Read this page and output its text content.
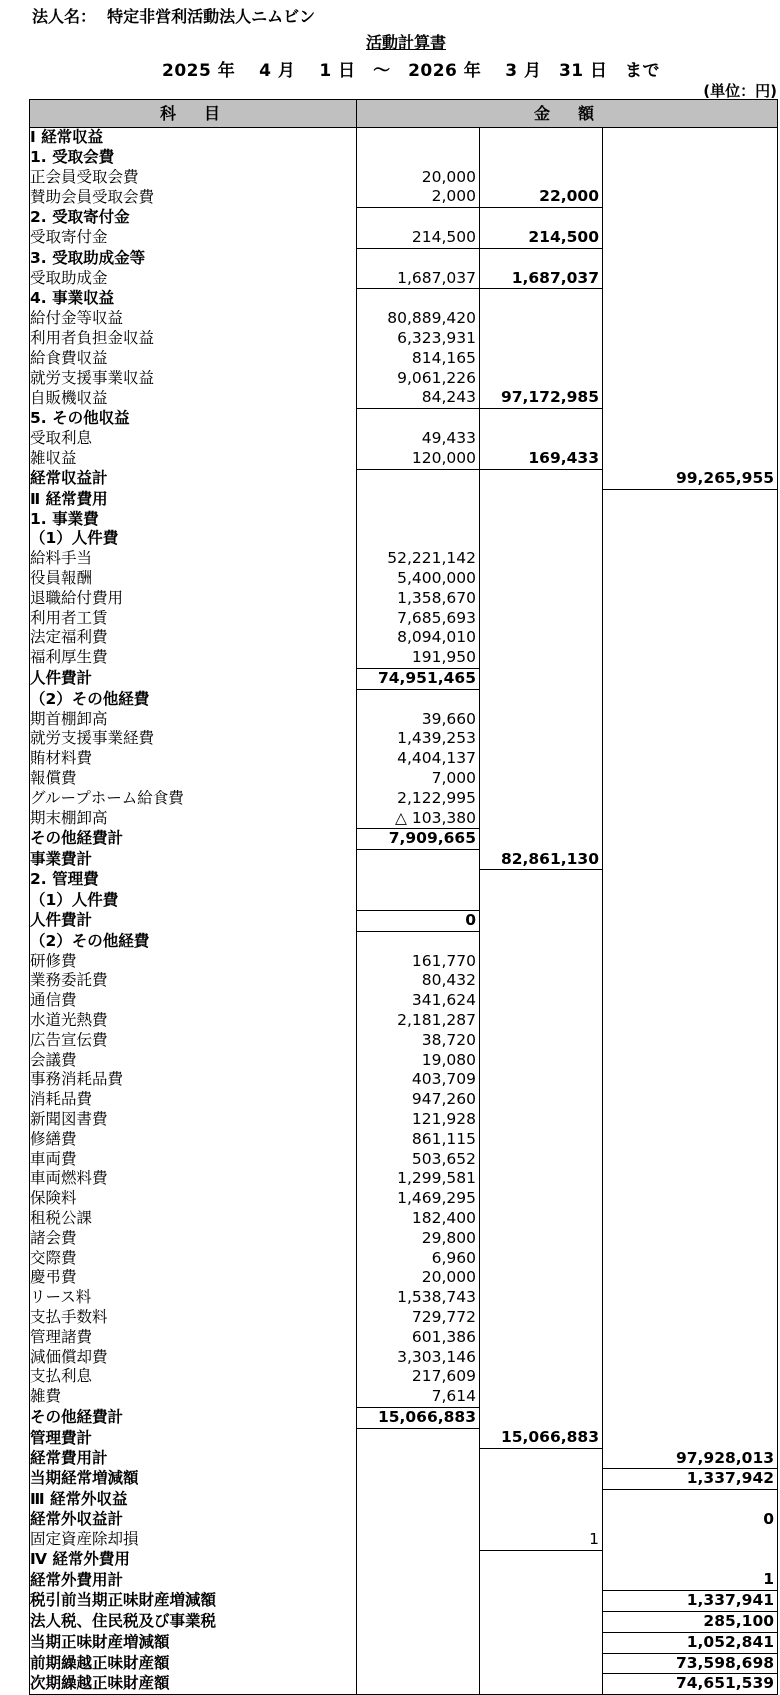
法人名： 特定非営利活動法人ニムビン
活動計算書
2025 年　 4 月　 1 日　～　2026 年　 3 月　31 日　まで
(単位：円)
科　目	金　額		
Ⅰ 経常収益			
1. 受取会費			
正会員受取会費	20,000		
賛助会員受取会費	2,000	22,000	
2. 受取寄付金			
受取寄付金	214,500	214,500	
3. 受取助成金等			
受取助成金	1,687,037	1,687,037	
4. 事業収益			
給付金等収益	80,889,420		
利用者負担金収益	6,323,931		
給食費収益	814,165		
就労支援事業収益	9,061,226		
自販機収益	84,243	97,172,985	
5. その他収益			
受取利息	49,433		
雑収益	120,000	169,433	
経常収益計			99,265,955
Ⅱ 経常費用			
1. 事業費			
（1）人件費			
給料手当	52,221,142		
役員報酬	5,400,000		
退職給付費用	1,358,670		
利用者工賃	7,685,693		
法定福利費	8,094,010		
福利厚生費	191,950		
人件費計	74,951,465		
（2）その他経費			
期首棚卸高	39,660		
就労支援事業経費	1,439,253		
賄材料費	4,404,137		
報償費	7,000		
グループホーム給食費	2,122,995		
期末棚卸高	△ 103,380		
その他経費計	7,909,665		
事業費計		82,861,130	
2. 管理費			
（1）人件費			
人件費計	0		
（2）その他経費			
研修費	161,770		
業務委託費	80,432		
通信費	341,624		
水道光熱費	2,181,287		
広告宣伝費	38,720		
会議費	19,080		
事務消耗品費	403,709		
消耗品費	947,260		
新聞図書費	121,928		
修繕費	861,115		
車両費	503,652		
車両燃料費	1,299,581		
保険料	1,469,295		
租税公課	182,400		
諸会費	29,800		
交際費	6,960		
慶弔費	20,000		
リース料	1,538,743		
支払手数料	729,772		
管理諸費	601,386		
減価償却費	3,303,146		
支払利息	217,609		
雑費	7,614		
その他経費計	15,066,883		
管理費計		15,066,883	
経常費用計			97,928,013
当期経常増減額			1,337,942
Ⅲ 経常外収益			
経常外収益計			0
固定資産除却損		1	
Ⅳ 経常外費用			
経常外費用計			1
税引前当期正味財産増減額			1,337,941
法人税、住民税及び事業税			285,100
当期正味財産増減額			1,052,841
前期繰越正味財産額			73,598,698
次期繰越正味財産額			74,651,539
